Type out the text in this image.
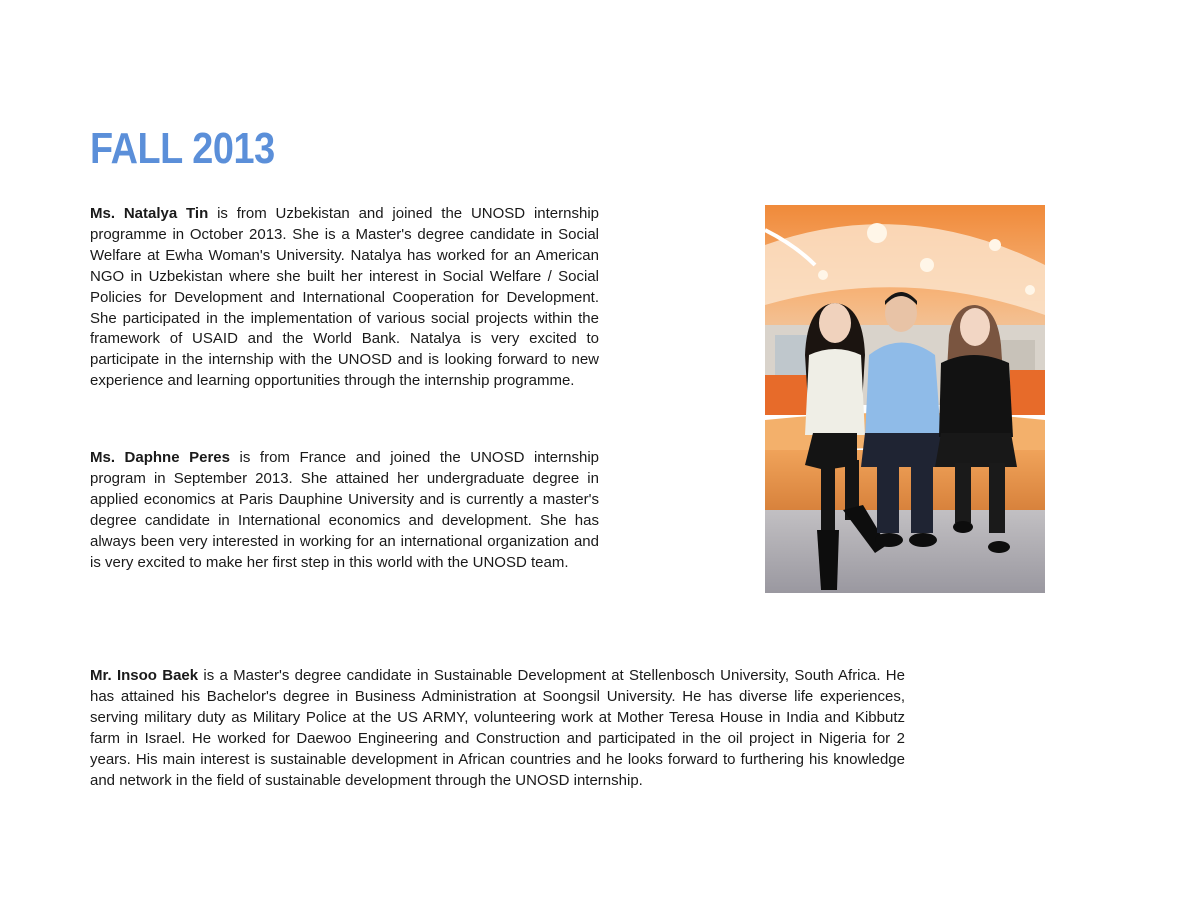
FALL 2013

Ms. Natalya Tin is from Uzbekistan and joined the UNOSD internship programme in October 2013. She is a Master's degree candidate in Social Welfare at Ewha Woman's University. Natalya has worked for an American NGO in Uzbekistan where she built her interest in Social Welfare / Social Policies for Development and International Cooperation for Development. She participated in the implementation of various social projects within the framework of USAID and the World Bank. Natalya is very excited to participate in the internship with the UNOSD and is looking forward to new experience and learning opportunities through the internship programme.

Ms. Daphne Peres is from France and joined the UNOSD internship program in September 2013. She attained her undergraduate degree in applied economics at Paris Dauphine University and is currently a master's degree candidate in International economics and development. She has always been very interested in working for an international organization and is very excited to make her first step in this world with the UNOSD team.

Mr. Insoo Baek is a Master's degree candidate in Sustainable Development at Stellenbosch University, South Africa. He has attained his Bachelor's degree in Business Administration at Soongsil University. He has diverse life experiences, serving military duty as Military Police at the US ARMY, volunteering work at Mother Teresa House in India and Kibbutz farm in Israel. He worked for Daewoo Engineering and Construction and participated in the oil project in Nigeria for 2 years. His main interest is sustainable development in African countries and he looks forward to furthering his knowledge and network in the field of sustainable development through the UNOSD internship.
